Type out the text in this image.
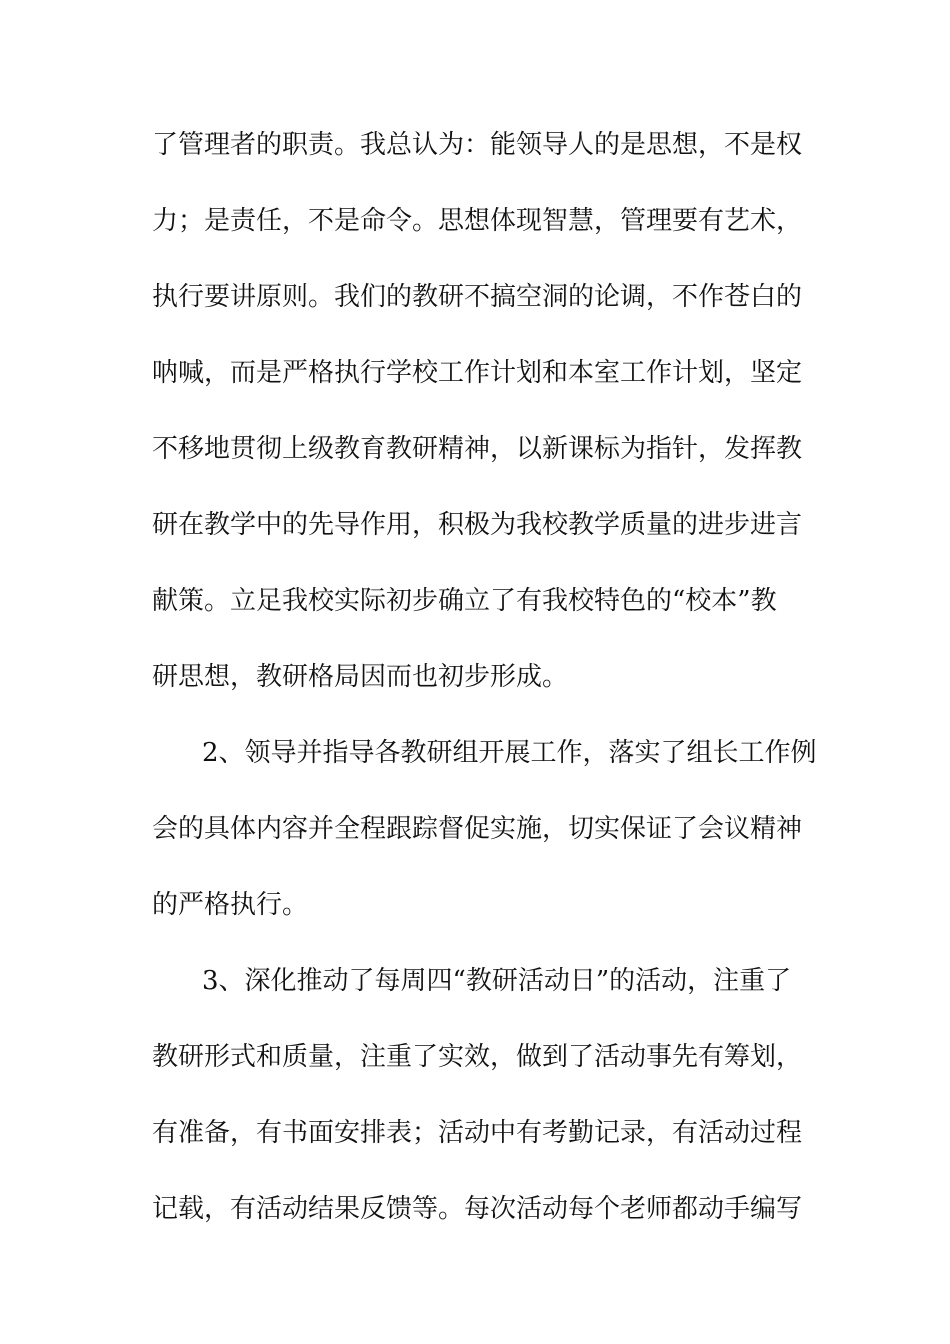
了管理者的职责。我总认为：能领导人的是思想，不是权
力；是责任，不是命令。思想体现智慧，管理要有艺术，
执行要讲原则。我们的教研不搞空洞的论调，不作苍白的
呐喊，而是严格执行学校工作计划和本室工作计划，坚定
不移地贯彻上级教育教研精神，以新课标为指针，发挥教
研在教学中的先导作用，积极为我校教学质量的进步进言
献策。立足我校实际初步确立了有我校特色的“校本”教
研思想，教研格局因而也初步形成。
2、领导并指导各教研组开展工作，落实了组长工作例
会的具体内容并全程跟踪督促实施，切实保证了会议精神
的严格执行。
3、深化推动了每周四“教研活动日”的活动，注重了
教研形式和质量，注重了实效，做到了活动事先有筹划，
有准备，有书面安排表；活动中有考勤记录，有活动过程
记载，有活动结果反馈等。每次活动每个老师都动手编写
